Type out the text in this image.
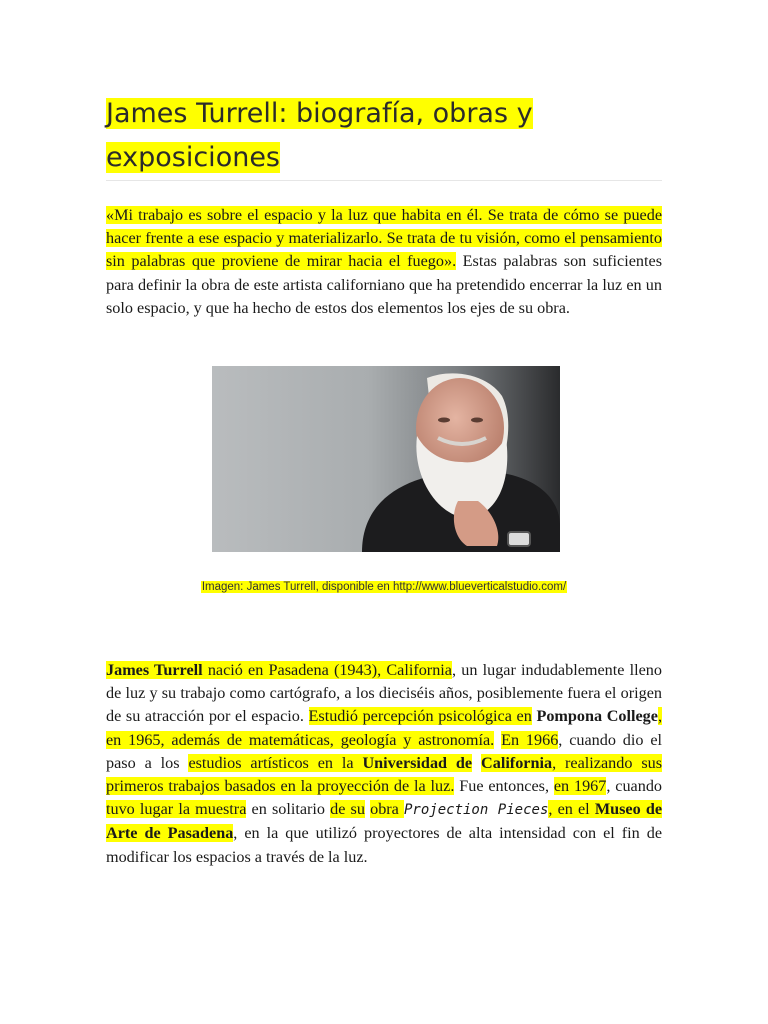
James Turrell: biografía, obras y exposiciones

«Mi trabajo es sobre el espacio y la luz que habita en él. Se trata de cómo se puede hacer frente a ese espacio y materializarlo. Se trata de tu visión, como el pensamiento sin palabras que proviene de mirar hacia el fuego». Estas palabras son suficientes para definir la obra de este artista californiano que ha pretendido encerrar la luz en un solo espacio, y que ha hecho de estos dos elementos los ejes de su obra.

Imagen: James Turrell, disponible en http://www.blueverticalstudio.com/

James Turrell nació en Pasadena (1943), California, un lugar indudablemente lleno de luz y su trabajo como cartógrafo, a los dieciséis años, posiblemente fuera el origen de su atracción por el espacio. Estudió percepción psicológica en Pompona College, en 1965, además de matemáticas, geología y astronomía. En 1966, cuando dio el paso a los estudios artísticos en la Universidad de California, realizando sus primeros trabajos basados en la proyección de la luz. Fue entonces, en 1967, cuando tuvo lugar la muestra en solitario de su obra Projection Pieces, en el Museo de Arte de Pasadena, en la que utilizó proyectores de alta intensidad con el fin de modificar los espacios a través de la luz.
